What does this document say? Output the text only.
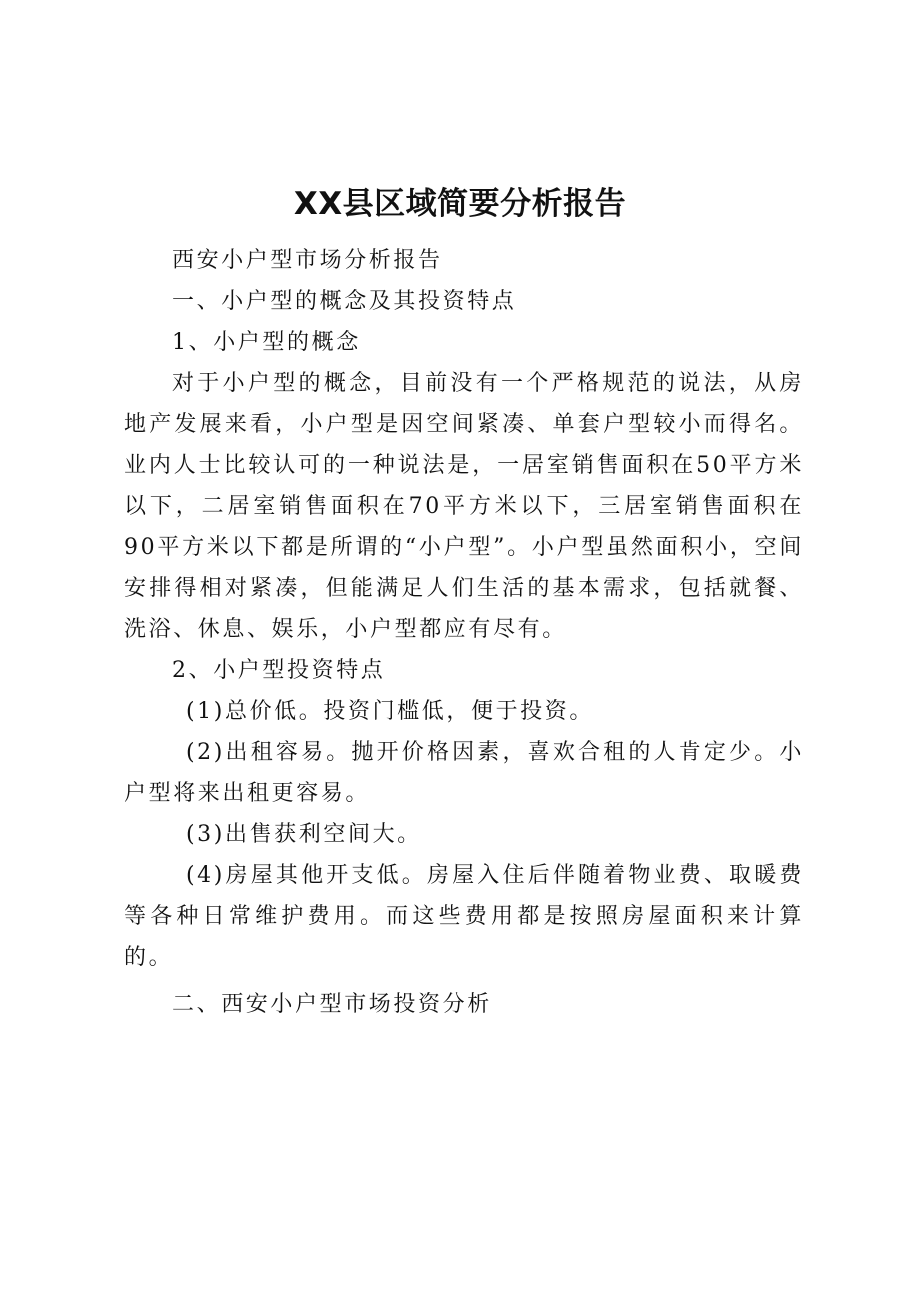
XX县区域简要分析报告

西安小户型市场分析报告

一、小户型的概念及其投资特点

1、小户型的概念

对于小户型的概念，目前没有一个严格规范的说法，从房地产发展来看，小户型是因空间紧凑、单套户型较小而得名。业内人士比较认可的一种说法是，一居室销售面积在50平方米以下，二居室销售面积在70平方米以下，三居室销售面积在90平方米以下都是所谓的“小户型”。小户型虽然面积小，空间安排得相对紧凑，但能满足人们生活的基本需求，包括就餐、洗浴、休息、娱乐，小户型都应有尽有。

2、小户型投资特点

(1)总价低。投资门槛低，便于投资。

(2)出租容易。抛开价格因素，喜欢合租的人肯定少。小户型将来出租更容易。

(3)出售获利空间大。

(4)房屋其他开支低。房屋入住后伴随着物业费、取暖费等各种日常维护费用。而这些费用都是按照房屋面积来计算的。

二、西安小户型市场投资分析
